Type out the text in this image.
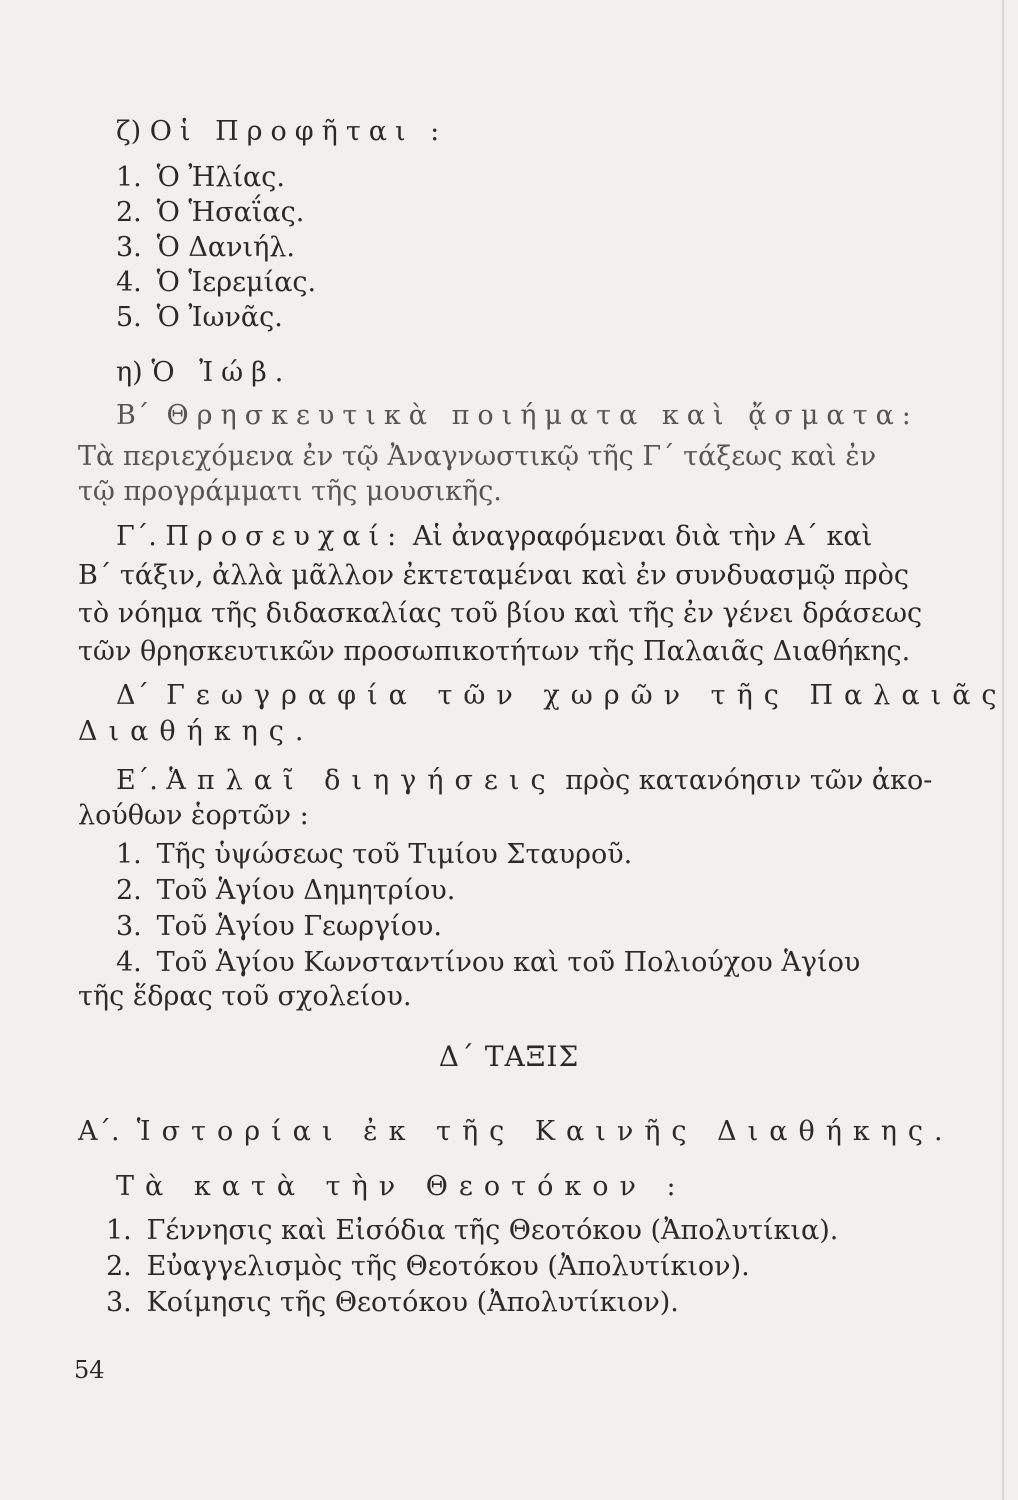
ζ) Οἱ Προφῆται :
1. Ὁ Ἠλίας.
2. Ὁ Ἡσαΐας.
3. Ὁ Δανιήλ.
4. Ὁ Ἱερεμίας.
5. Ὁ Ἰωνᾶς.
η) Ὁ Ἰώβ.
Β΄ Θρησκευτικὰ ποιήματα καὶ ᾄσματα:
Τὰ περιεχόμενα ἐν τῷ Ἀναγνωστικῷ τῆς Γ΄ τάξεως καὶ ἐν
τῷ προγράμματι τῆς μουσικῆς.
Γ΄. Προσευχαί: Αἱ ἀναγραφόμεναι διὰ τὴν Α΄ καὶ
Β΄ τάξιν, ἀλλὰ μᾶλλον ἐκτεταμέναι καὶ ἐν συνδυασμῷ πρὸς
τὸ νόημα τῆς διδασκαλίας τοῦ βίου καὶ τῆς ἐν γένει δράσεως
τῶν θρησκευτικῶν προσωπικοτήτων τῆς Παλαιᾶς Διαθήκης.
Δ΄ Γεωγραφία τῶν χωρῶν τῆς Παλαιᾶς
Διαθήκης.
Ε΄. Ἁπλαῖ διηγήσεις πρὸς κατανόησιν τῶν ἀκο-
λούθων ἑορτῶν :
1. Τῆς ὑψώσεως τοῦ Τιμίου Σταυροῦ.
2. Τοῦ Ἁγίου Δημητρίου.
3. Τοῦ Ἁγίου Γεωργίου.
4. Τοῦ Ἁγίου Κωνσταντίνου καὶ τοῦ Πολιούχου Ἁγίου
τῆς ἕδρας τοῦ σχολείου.
Δ΄ ΤΑΞΙΣ
Α΄. Ἱστορίαι ἐκ τῆς Καινῆς Διαθήκης.
Τὰ κατὰ τὴν Θεοτόκον :
1. Γέννησις καὶ Εἰσόδια τῆς Θεοτόκου (Ἀπολυτίκια).
2. Εὐαγγελισμὸς τῆς Θεοτόκου (Ἀπολυτίκιον).
3. Κοίμησις τῆς Θεοτόκου (Ἀπολυτίκιον).
54
